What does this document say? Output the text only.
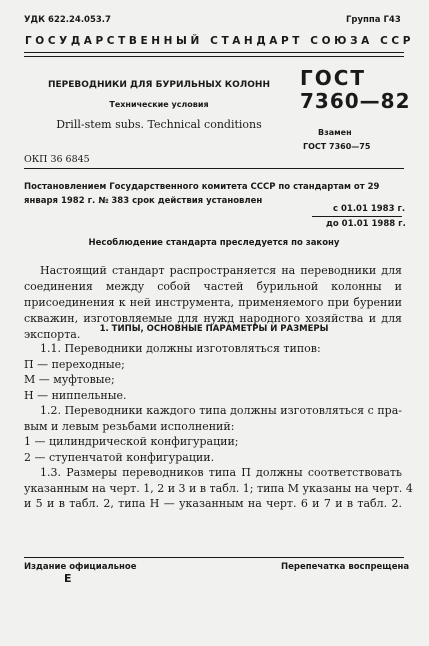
УДК 622.24.053.7	Группа Г43
ГОСУДАРСТВЕННЫЙ СТАНДАРТ СОЮЗА ССР
ПЕРЕВОДНИКИ ДЛЯ БУРИЛЬНЫХ КОЛОНН
Технические условия
Drill-stem subs. Technical conditions
ГОСТ
7360—82
Взамен
ГОСТ 7360—75
ОКП 36 6845
Постановлением Государственного комитета СССР по стандартам от 29 января 1982 г. № 383 срок действия установлен
с 01.01 1983 г.
до 01.01 1988 г.
Несоблюдение стандарта преследуется по закону
Настоящий стандарт распространяется на переводники для соединения между собой частей бурильной колонны и присоединения к ней инструмента, применяемого при бурении скважин, изготовляемые для нужд народного хозяйства и для экспорта.	1. ТИПЫ, ОСНОВНЫЕ ПАРАМЕТРЫ И РАЗМЕРЫ
1.1. Переводники должны изготовляться типов:
П — переходные;
М — муфтовые;
Н — ниппельные.
1.2. Переводники каждого типа должны изготовляться с пра-
вым и левым резьбами исполнений:
1 — цилиндрической конфигурации;
2 — ступенчатой конфигурации.
1.3. Размеры переводников типа П должны соответствовать
указанным на черт. 1, 2 и 3 и в табл. 1; типа М указаны на черт. 4
и 5 и в табл. 2, типа Н — указанным на черт. 6 и 7 и в табл. 2.
Издание официальное	Перепечатка воспрещена
Е
